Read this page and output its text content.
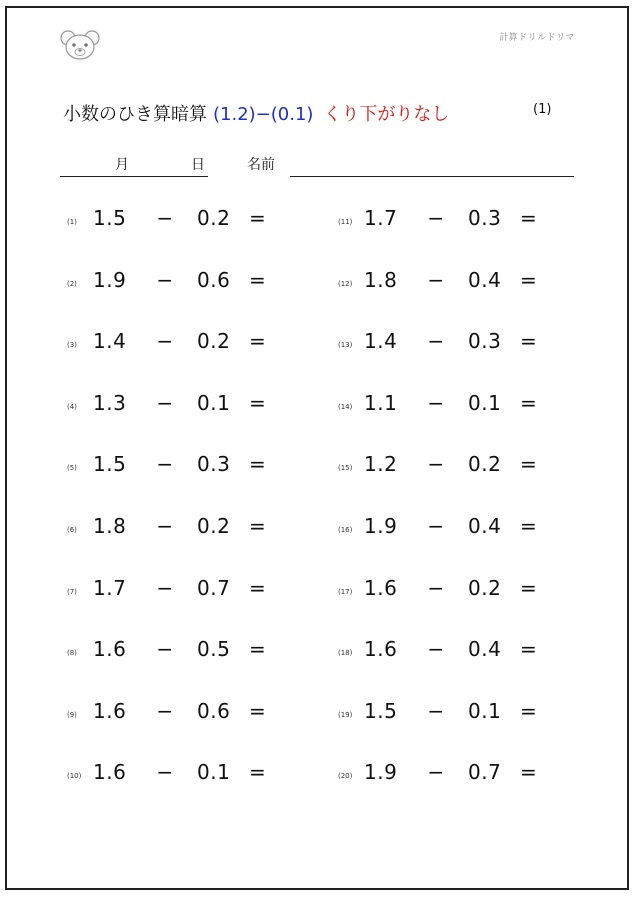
計算ドリルドリマ
小数のひき算暗算 (1.2)−(0.1) くり下がりなし	(1)
月	日	名前
(1) 1.5 − 0.2 =
(2) 1.9 − 0.6 =
(3) 1.4 − 0.2 =
(4) 1.3 − 0.1 =
(5) 1.5 − 0.3 =
(6) 1.8 − 0.2 =
(7) 1.7 − 0.7 =
(8) 1.6 − 0.5 =
(9) 1.6 − 0.6 =
(10) 1.6 − 0.1 =
(11) 1.7 − 0.3 =
(12) 1.8 − 0.4 =
(13) 1.4 − 0.3 =
(14) 1.1 − 0.1 =
(15) 1.2 − 0.2 =
(16) 1.9 − 0.4 =
(17) 1.6 − 0.2 =
(18) 1.6 − 0.4 =
(19) 1.5 − 0.1 =
(20) 1.9 − 0.7 =
